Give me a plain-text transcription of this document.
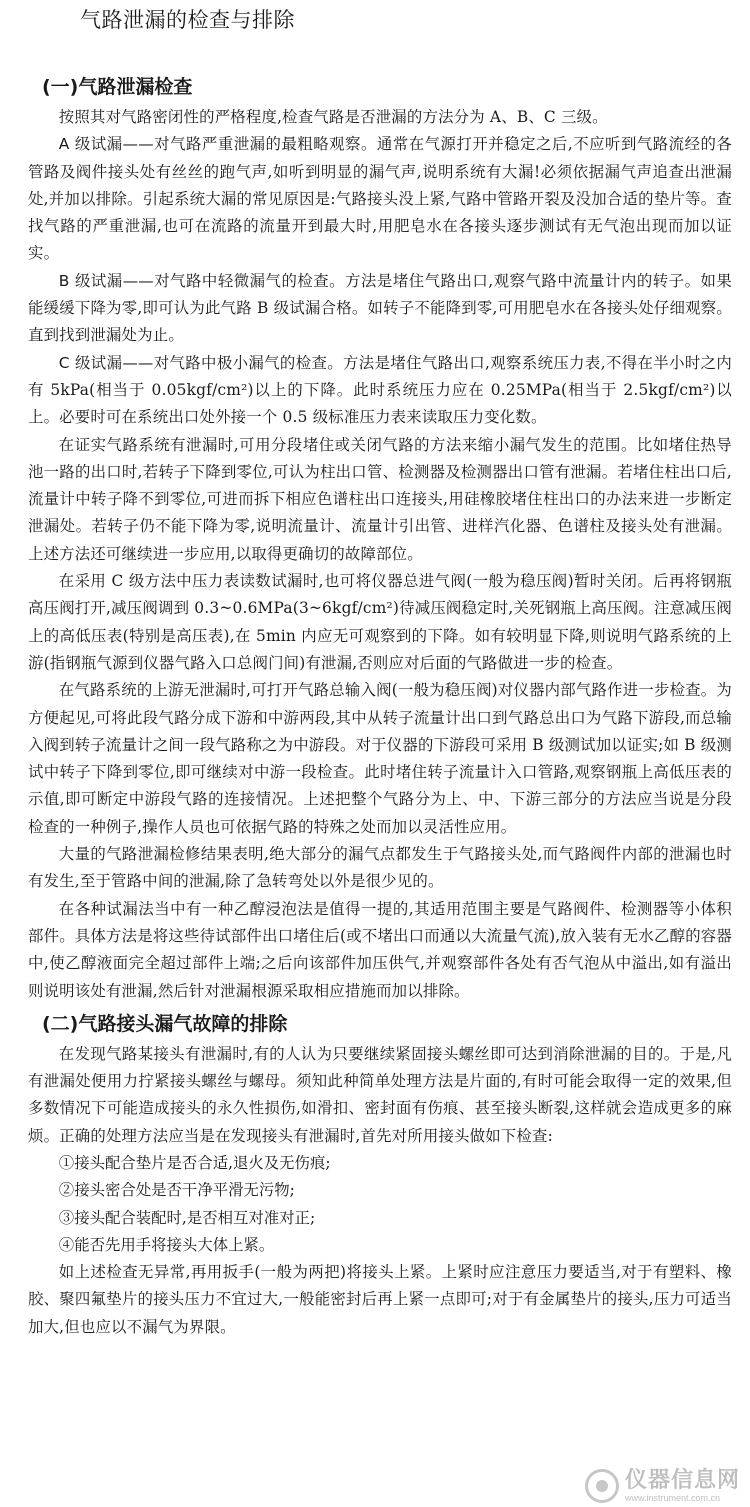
气路泄漏的检查与排除
(一)气路泄漏检查

按照其对气路密闭性的严格程度,检查气路是否泄漏的方法分为 A、B、C 三级。

A 级试漏——对气路严重泄漏的最粗略观察。通常在气源打开并稳定之后,不应听到气路流经的各管路及阀件接头处有丝丝的跑气声,如听到明显的漏气声,说明系统有大漏!必须依据漏气声追查出泄漏处,并加以排除。引起系统大漏的常见原因是:气路接头没上紧,气路中管路开裂及没加合适的垫片等。查找气路的严重泄漏,也可在流路的流量开到最大时,用肥皂水在各接头逐步测试有无气泡出现而加以证实。

B 级试漏——对气路中轻微漏气的检查。方法是堵住气路出口,观察气路中流量计内的转子。如果能缓缓下降为零,即可认为此气路 B 级试漏合格。如转子不能降到零,可用肥皂水在各接头处仔细观察。直到找到泄漏处为止。

C 级试漏——对气路中极小漏气的检查。方法是堵住气路出口,观察系统压力表,不得在半小时之内有 5kPa(相当于 0.05kgf/cm²)以上的下降。此时系统压力应在 0.25MPa(相当于 2.5kgf/cm²)以上。必要时可在系统出口处外接一个 0.5 级标准压力表来读取压力变化数。

在证实气路系统有泄漏时,可用分段堵住或关闭气路的方法来缩小漏气发生的范围。比如堵住热导池一路的出口时,若转子下降到零位,可认为柱出口管、检测器及检测器出口管有泄漏。若堵住柱出口后,流量计中转子降不到零位,可进而拆下相应色谱柱出口连接头,用硅橡胶堵住柱出口的办法来进一步断定泄漏处。若转子仍不能下降为零,说明流量计、流量计引出管、进样汽化器、色谱柱及接头处有泄漏。上述方法还可继续进一步应用,以取得更确切的故障部位。

在采用 C 级方法中压力表读数试漏时,也可将仪器总进气阀(一般为稳压阀)暂时关闭。后再将钢瓶高压阀打开,减压阀调到 0.3~0.6MPa(3~6kgf/cm²)待减压阀稳定时,关死钢瓶上高压阀。注意减压阀上的高低压表(特别是高压表),在 5min 内应无可观察到的下降。如有较明显下降,则说明气路系统的上游(指钢瓶气源到仪器气路入口总阀门间)有泄漏,否则应对后面的气路做进一步的检查。

在气路系统的上游无泄漏时,可打开气路总输入阀(一般为稳压阀)对仪器内部气路作进一步检查。为方便起见,可将此段气路分成下游和中游两段,其中从转子流量计出口到气路总出口为气路下游段,而总输入阀到转子流量计之间一段气路称之为中游段。对于仪器的下游段可采用 B 级测试加以证实;如 B 级测试中转子下降到零位,即可继续对中游一段检查。此时堵住转子流量计入口管路,观察钢瓶上高低压表的示值,即可断定中游段气路的连接情况。上述把整个气路分为上、中、下游三部分的方法应当说是分段检查的一种例子,操作人员也可依据气路的特殊之处而加以灵活性应用。

大量的气路泄漏检修结果表明,绝大部分的漏气点都发生于气路接头处,而气路阀件内部的泄漏也时有发生,至于管路中间的泄漏,除了急转弯处以外是很少见的。

在各种试漏法当中有一种乙醇浸泡法是值得一提的,其适用范围主要是气路阀件、检测器等小体积部件。具体方法是将这些待试部件出口堵住后(或不堵出口而通以大流量气流),放入装有无水乙醇的容器中,使乙醇液面完全超过部件上端;之后向该部件加压供气,并观察部件各处有否气泡从中溢出,如有溢出则说明该处有泄漏,然后针对泄漏根源采取相应措施而加以排除。

(二)气路接头漏气故障的排除

在发现气路某接头有泄漏时,有的人认为只要继续紧固接头螺丝即可达到消除泄漏的目的。于是,凡有泄漏处便用力拧紧接头螺丝与螺母。须知此种简单处理方法是片面的,有时可能会取得一定的效果,但多数情况下可能造成接头的永久性损伤,如滑扣、密封面有伤痕、甚至接头断裂,这样就会造成更多的麻烦。正确的处理方法应当是在发现接头有泄漏时,首先对所用接头做如下检查:

①接头配合垫片是否合适,退火及无伤痕;

②接头密合处是否干净平滑无污物;

③接头配合装配时,是否相互对准对正;

④能否先用手将接头大体上紧。

如上述检查无异常,再用扳手(一般为两把)将接头上紧。上紧时应注意压力要适当,对于有塑料、橡胶、聚四氟垫片的接头压力不宜过大,一般能密封后再上紧一点即可;对于有金属垫片的接头,压力可适当加大,但也应以不漏气为界限。

仪器信息网
www.instrument.com.cn
